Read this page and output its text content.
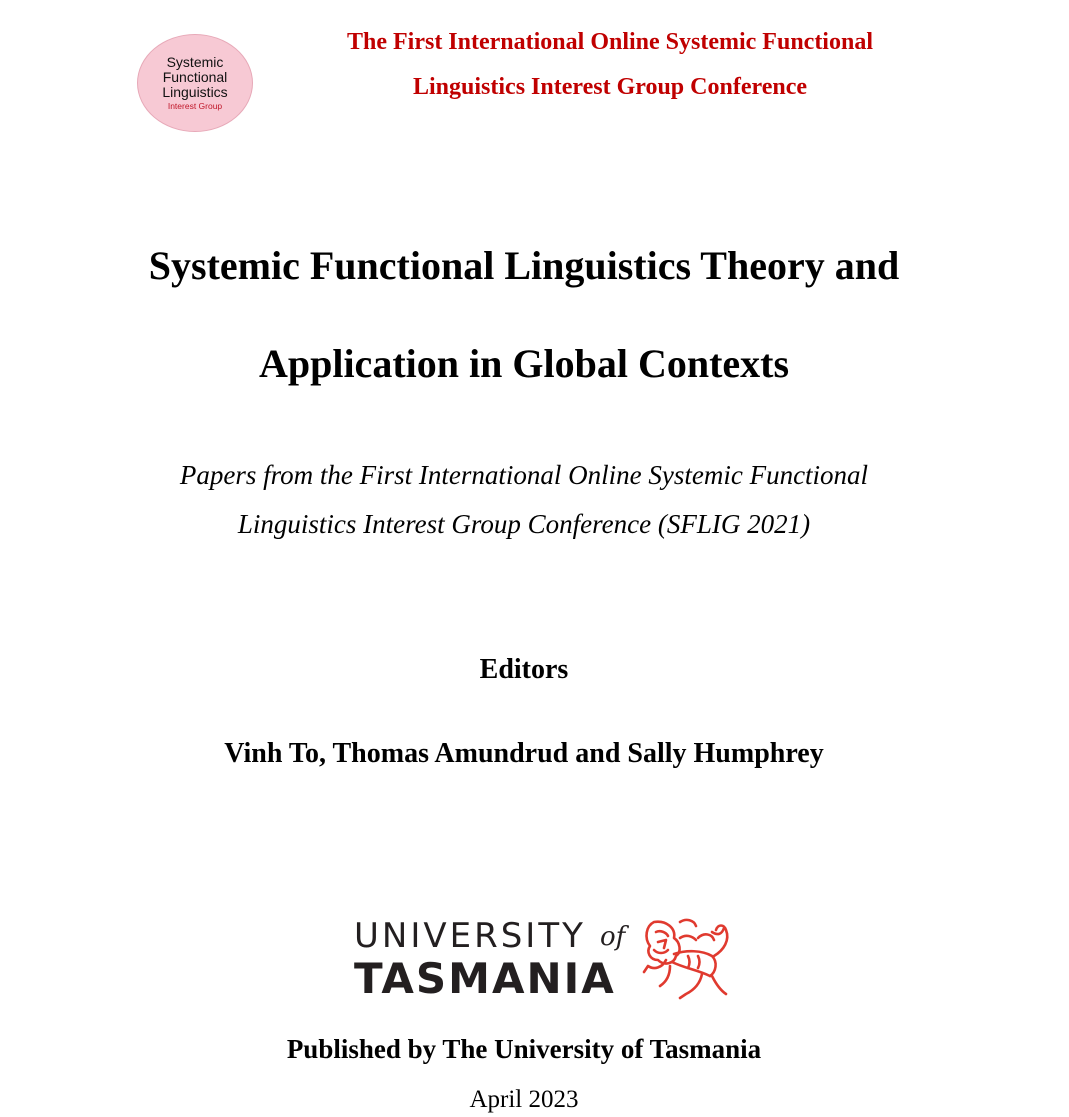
Systemic
Functional
Linguistics
Interest Group
The First International Online Systemic Functional
Linguistics Interest Group Conference
Systemic Functional Linguistics Theory and
Application in Global Contexts
Papers from the First International Online Systemic Functional
Linguistics Interest Group Conference (SFLIG 2021)
Editors
Vinh To, Thomas Amundrud and Sally Humphrey
UNIVERSITY of
TASMANIA
Published by The University of Tasmania
April 2023
